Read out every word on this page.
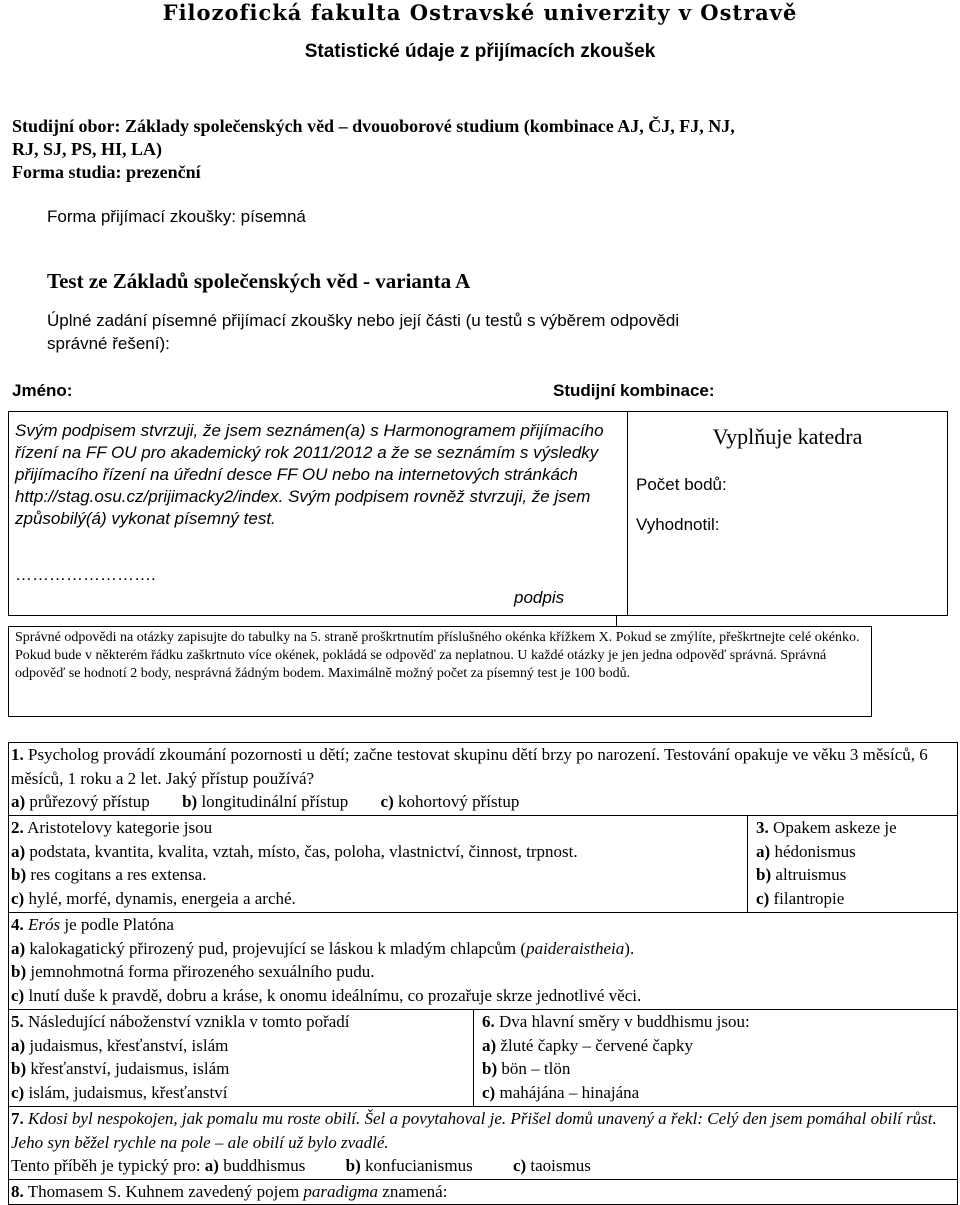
Filozofická fakulta Ostravské univerzity v Ostravě
Statistické údaje z přijímacích zkoušek
Studijní obor: Základy společenských věd – dvouoborové studium (kombinace AJ, ČJ, FJ, NJ,
RJ, SJ, PS, HI, LA)
Forma studia: prezenční
Forma přijímací zkoušky: písemná
Test ze Základů společenských věd - varianta A
Úplné zadání písemné přijímací zkoušky nebo její části (u testů s výběrem odpovědi
správné řešení):
Jméno:	Studijní kombinace:
Svým podpisem stvrzuji, že jsem seznámen(a) s Harmonogramem přijímacího řízení na FF OU pro akademický rok 2011/2012 a že se seznámím s výsledky přijímacího řízení na úřední desce FF OU nebo na internetových stránkách http://stag.osu.cz/prijimacky2/index. Svým podpisem rovněž stvrzuji, že jsem způsobilý(á) vykonat písemný test.
…………………….
podpis

Vyplňuje katedra
Počet bodů:
Vyhodnotil:
Správné odpovědi na otázky zapisujte do tabulky na 5. straně proškrtnutím příslušného okénka křížkem X. Pokud se zmýlíte, přeškrtnejte celé okénko. Pokud bude v některém řádku zaškrtnuto více okének, pokládá se odpověď za neplatnou. U každé otázky je jen jedna odpověď správná. Správná odpověď se hodnotí 2 body, nesprávná žádným bodem. Maximálně možný počet za písemný test je 100 bodů.
1. Psycholog provádí zkoumání pozornosti u dětí; začne testovat skupinu dětí brzy po narození. Testování opakuje ve věku 3 měsíců, 6 měsíců, 1 roku a 2 let. Jaký přístup používá?
a) průřezový přístup b) longitudinální přístup c) kohortový přístup		
2. Aristotelovy kategorie jsou
a) podstata, kvantita, kvalita, vztah, místo, čas, poloha, vlastnictví, činnost, trpnost.
b) res cogitans a res extensa.
c) hylé, morfé, dynamis, energeia a arché.		3. Opakem askeze je
a) hédonismus
b) altruismus
c) filantropie
4. Erós je podle Platóna
a) kalokagatický přirozený pud, projevující se láskou k mladým chlapcům (paideraistheia).
b) jemnohmotná forma přirozeného sexuálního pudu.
c) lnutí duše k pravdě, dobru a kráse, k onomu ideálnímu, co prozařuje skrze jednotlivé věci.		
5. Následující náboženství vznikla v tomto pořadí
a) judaismus, křesťanství, islám
b) křesťanství, judaismus, islám
c) islám, judaismus, křesťanství	6. Dva hlavní směry v buddhismu jsou:
a) žluté čapky – červené čapky
b) bön – tlön
c) mahájána – hinajána	
7. Kdosi byl nespokojen, jak pomalu mu roste obilí. Šel a povytahoval je. Přišel domů unavený a řekl: Celý den jsem pomáhal obilí růst. Jeho syn běžel rychle na pole – ale obilí už bylo zvadlé.
Tento příběh je typický pro: a) buddhismus b) konfucianismus c) taoismus		
8. Thomasem S. Kuhnem zavedený pojem paradigma znamená:		
